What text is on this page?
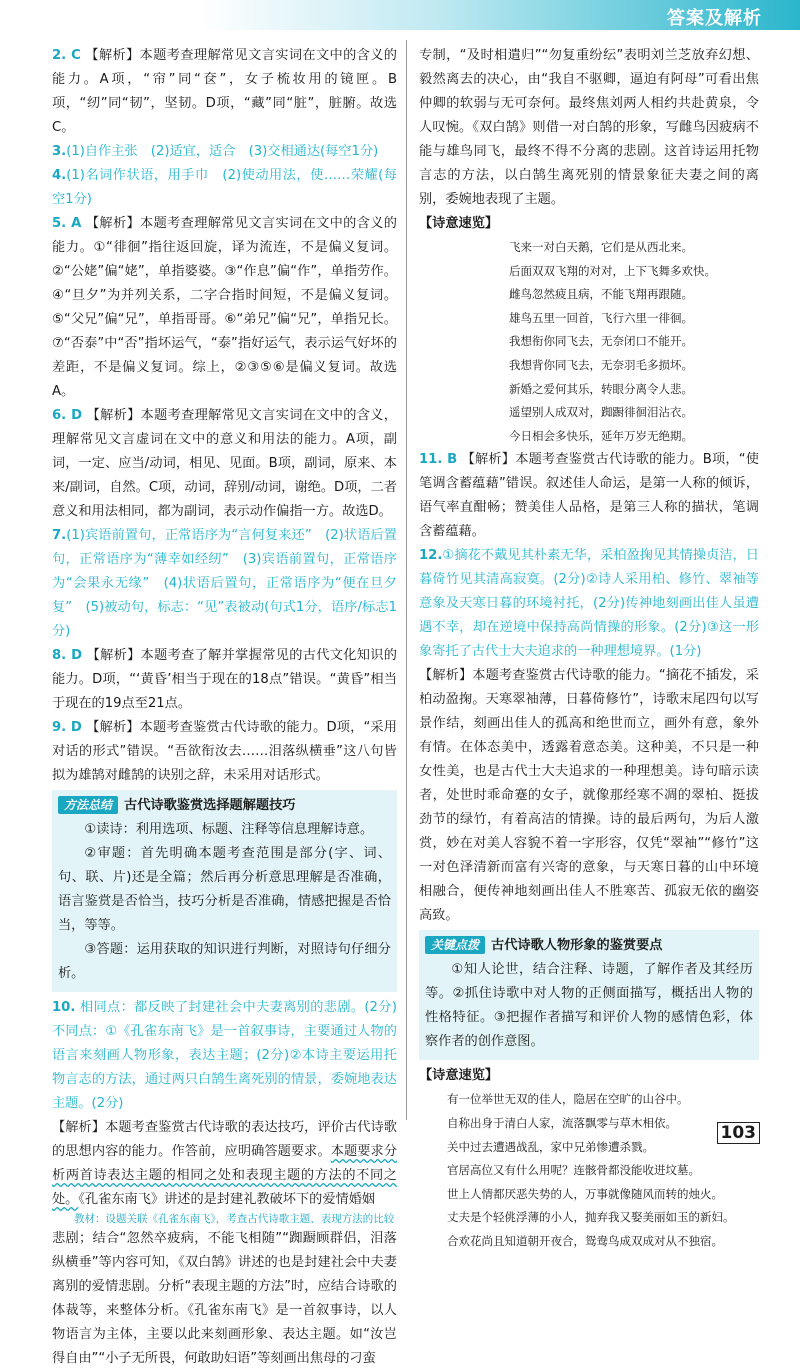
答案及解析

2. C 【解析】本题考查理解常见文言实词在文中的含义的能力。A项，“帘”同“奁”，女子梳妆用的镜匣。B项，“纫”同“韧”，坚韧。D项，“藏”同“脏”，脏腑。故选C。

3.(1)自作主张　(2)适宜，适合　(3)交相通达(每空1分)

4.(1)名词作状语，用手巾　(2)使动用法，使……荣耀(每空1分)

5. A 【解析】本题考查理解常见文言实词在文中的含义的能力。①“徘徊”指往返回旋，译为流连，不是偏义复词。②“公姥”偏“姥”，单指婆婆。③“作息”偏“作”，单指劳作。④“旦夕”为并列关系，二字合指时间短，不是偏义复词。⑤“父兄”偏“兄”，单指哥哥。⑥“弟兄”偏“兄”，单指兄长。⑦“否泰”中“否”指坏运气，“泰”指好运气，表示运气好坏的差距，不是偏义复词。综上，②③⑤⑥是偏义复词。故选A。

6. D 【解析】本题考查理解常见文言实词在文中的含义，理解常见文言虚词在文中的意义和用法的能力。A项，副词，一定、应当/动词，相见、见面。B项，副词，原来、本来/副词，自然。C项，动词，辞别/动词，谢绝。D项，二者意义和用法相同，都为副词，表示动作偏指一方。故选D。

7.(1)宾语前置句，正常语序为“言何复来还”　(2)状语后置句，正常语序为“薄幸如经纫”　(3)宾语前置句，正常语序为“会果永无缘”　(4)状语后置句，正常语序为“便在旦夕复”　(5)被动句，标志：“见”表被动(句式1分，语序/标志1分)

8. D 【解析】本题考查了解并掌握常见的古代文化知识的能力。D项，“‘黄昏’相当于现在的18点”错误。“黄昏”相当于现在的19点至21点。

9. D 【解析】本题考查鉴赏古代诗歌的能力。D项，“采用对话的形式”错误。“吾欲衔汝去……泪落纵横垂”这八句皆拟为雄鹄对雌鹄的诀别之辞，未采用对话形式。

方法总结 古代诗歌鉴赏选择题解题技巧

①读诗：利用选项、标题、注释等信息理解诗意。

②审题：首先明确本题考查范围是部分(字、词、句、联、片)还是全篇；然后再分析意思理解是否准确，语言鉴赏是否恰当，技巧分析是否准确，情感把握是否恰当，等等。

③答题：运用获取的知识进行判断，对照诗句仔细分析。

10. 相同点：都反映了封建社会中夫妻离别的悲剧。(2分)　不同点：①《孔雀东南飞》是一首叙事诗，主要通过人物的语言来刻画人物形象，表达主题；(2分)②本诗主要运用托物言志的方法，通过两只白鹄生离死别的情景，委婉地表达主题。(2分)

【解析】本题考查鉴赏古代诗歌的表达技巧，评价古代诗歌的思想内容的能力。作答前，应明确答题要求。本题要求分析两首诗表达主题的相同之处和表现主题的方法的不同之处。《孔雀东南飞》讲述的是封建礼教破坏下的爱情婚姻

教材：设题关联《孔雀东南飞》，考查古代诗歌主题、表现方法的比较

悲剧；结合“忽然卒疲病，不能飞相随”“踟蹰顾群侣，泪落纵横垂”等内容可知，《双白鹄》讲述的也是封建社会中夫妻离别的爱情悲剧。分析“表现主题的方法”时，应结合诗歌的体裁等，来整体分析。《孔雀东南飞》是一首叙事诗，以人物语言为主体，主要以此来刻画形象、表达主题。如“汝岂得自由”“小子无所畏，何敢助妇语”等刻画出焦母的刁蛮

专制，“及时相遣归”“勿复重纷纭”表明刘兰芝放弃幻想、毅然离去的决心，由“我自不驱卿，逼迫有阿母”可看出焦仲卿的软弱与无可奈何。最终焦刘两人相约共赴黄泉，令人叹惋。《双白鹄》则借一对白鹄的形象，写雌鸟因疲病不能与雄鸟同飞，最终不得不分离的悲剧。这首诗运用托物言志的方法，以白鹄生离死别的情景象征夫妻之间的离别，委婉地表现了主题。

【诗意速览】

飞来一对白天鹅，它们是从西北来。

后面双双飞翔的对对，上下飞舞多欢快。

雌鸟忽然疲且病，不能飞翔再跟随。

雄鸟五里一回首，飞行六里一徘徊。

我想衔你同飞去，无奈闭口不能开。

我想背你同飞去，无奈羽毛多损坏。

新婚之爱何其乐，转眼分离令人悲。

遥望别人成双对，踟蹰徘徊泪沾衣。

今日相会多快乐，延年万岁无绝期。

11. B 【解析】本题考查鉴赏古代诗歌的能力。B项，“使笔调含蓄蕴藉”错误。叙述佳人命运，是第一人称的倾诉，语气率直酣畅；赞美佳人品格，是第三人称的描状，笔调含蓄蕴藉。

12.①摘花不戴见其朴素无华，采柏盈掬见其情操贞洁，日暮倚竹见其清高寂寞。(2分)②诗人采用柏、修竹、翠袖等意象及天寒日暮的环境衬托，(2分)传神地刻画出佳人虽遭遇不幸，却在逆境中保持高尚情操的形象。(2分)③这一形象寄托了古代士大夫追求的一种理想境界。(1分)

【解析】本题考查鉴赏古代诗歌的能力。“摘花不插发，采柏动盈掬。天寒翠袖薄，日暮倚修竹”，诗歌末尾四句以写景作结，刻画出佳人的孤高和绝世而立，画外有意，象外有情。在体态美中，透露着意态美。这种美，不只是一种女性美，也是古代士大夫追求的一种理想美。诗句暗示读者，处世时乖命蹇的女子，就像那经寒不凋的翠柏、挺拔劲节的绿竹，有着高洁的情操。诗的最后两句，为后人激赏，妙在对美人容貌不着一字形容，仅凭“翠袖”“修竹”这一对色泽清新而富有兴寄的意象，与天寒日暮的山中环境相融合，便传神地刻画出佳人不胜寒苦、孤寂无依的幽姿高致。

关键点拨 古代诗歌人物形象的鉴赏要点

①知人论世，结合注释、诗题，了解作者及其经历等。②抓住诗歌中对人物的正侧面描写，概括出人物的性格特征。③把握作者描写和评价人物的感情色彩，体察作者的创作意图。

【诗意速览】

有一位举世无双的佳人，隐居在空旷的山谷中。

自称出身于清白人家，流落飘零与草木相依。

关中过去遭遇战乱，家中兄弟惨遭杀戮。

官居高位又有什么用呢？连骸骨都没能收进坟墓。

世上人情都厌恶失势的人，万事就像随风而转的烛火。

丈夫是个轻佻浮薄的小人，抛弃我又娶美丽如玉的新妇。

合欢花尚且知道朝开夜合，鸳鸯鸟成双成对从不独宿。

103
